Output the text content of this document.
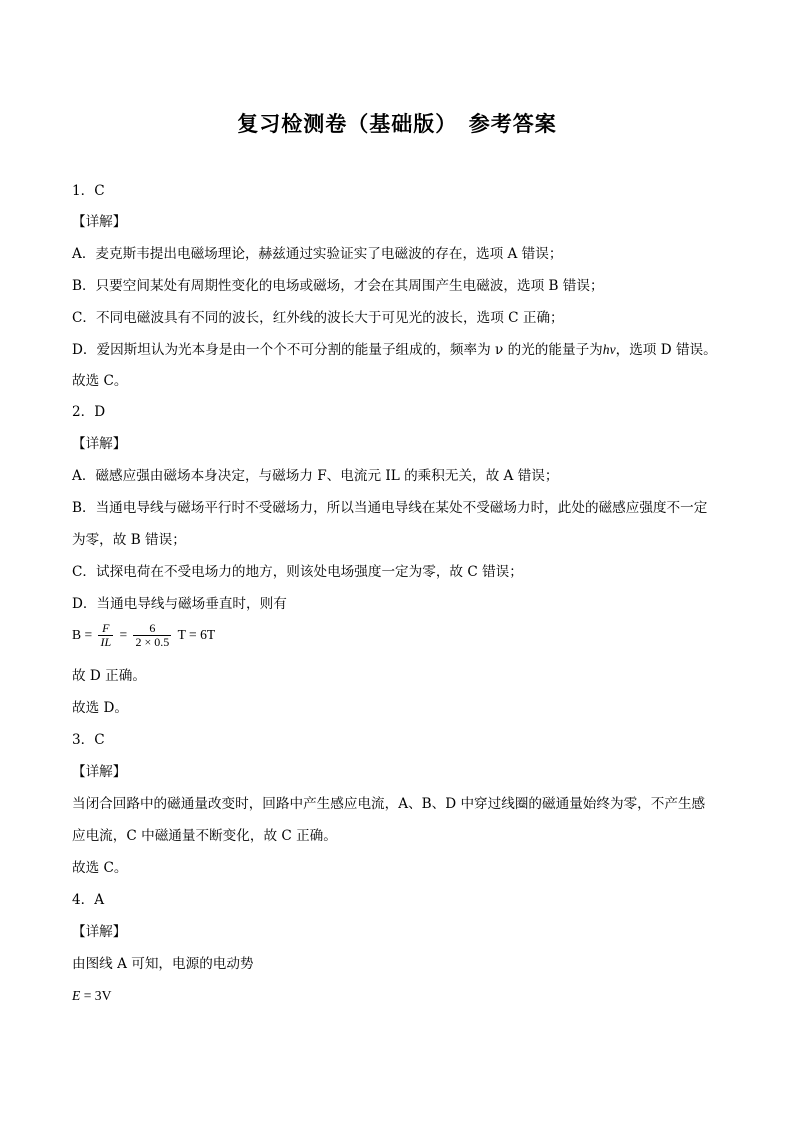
复习检测卷（基础版）　参考答案
1．C
【详解】
A．麦克斯韦提出电磁场理论，赫兹通过实验证实了电磁波的存在，选项 A 错误；
B．只要空间某处有周期性变化的电场或磁场，才会在其周围产生电磁波，选项 B 错误；
C．不同电磁波具有不同的波长，红外线的波长大于可见光的波长，选项 C 正确；
D．爱因斯坦认为光本身是由一个个不可分割的能量子组成的，频率为 ν 的光的能量子为hν，选项 D 错误。
故选 C。
2．D
【详解】
A．磁感应强由磁场本身决定，与磁场力 F、电流元 IL 的乘积无关，故 A 错误；
B．当通电导线与磁场平行时不受磁场力，所以当通电导线在某处不受磁场力时，此处的磁感应强度不一定
为零，故 B 错误；
C．试探电荷在不受电场力的地方，则该处电场强度一定为零，故 C 错误；
D．当通电导线与磁场垂直时，则有
$B = \frac{F}{IL} = \frac{6}{2 \times 0.5}$ T = 6T
故 D 正确。
故选 D。
3．C
【详解】
当闭合回路中的磁通量改变时，回路中产生感应电流，A、B、D 中穿过线圈的磁通量始终为零，不产生感
应电流，C 中磁通量不断变化，故 C 正确。
故选 C。
4．A
【详解】
由图线 A 可知，电源的电动势
E = 3V
